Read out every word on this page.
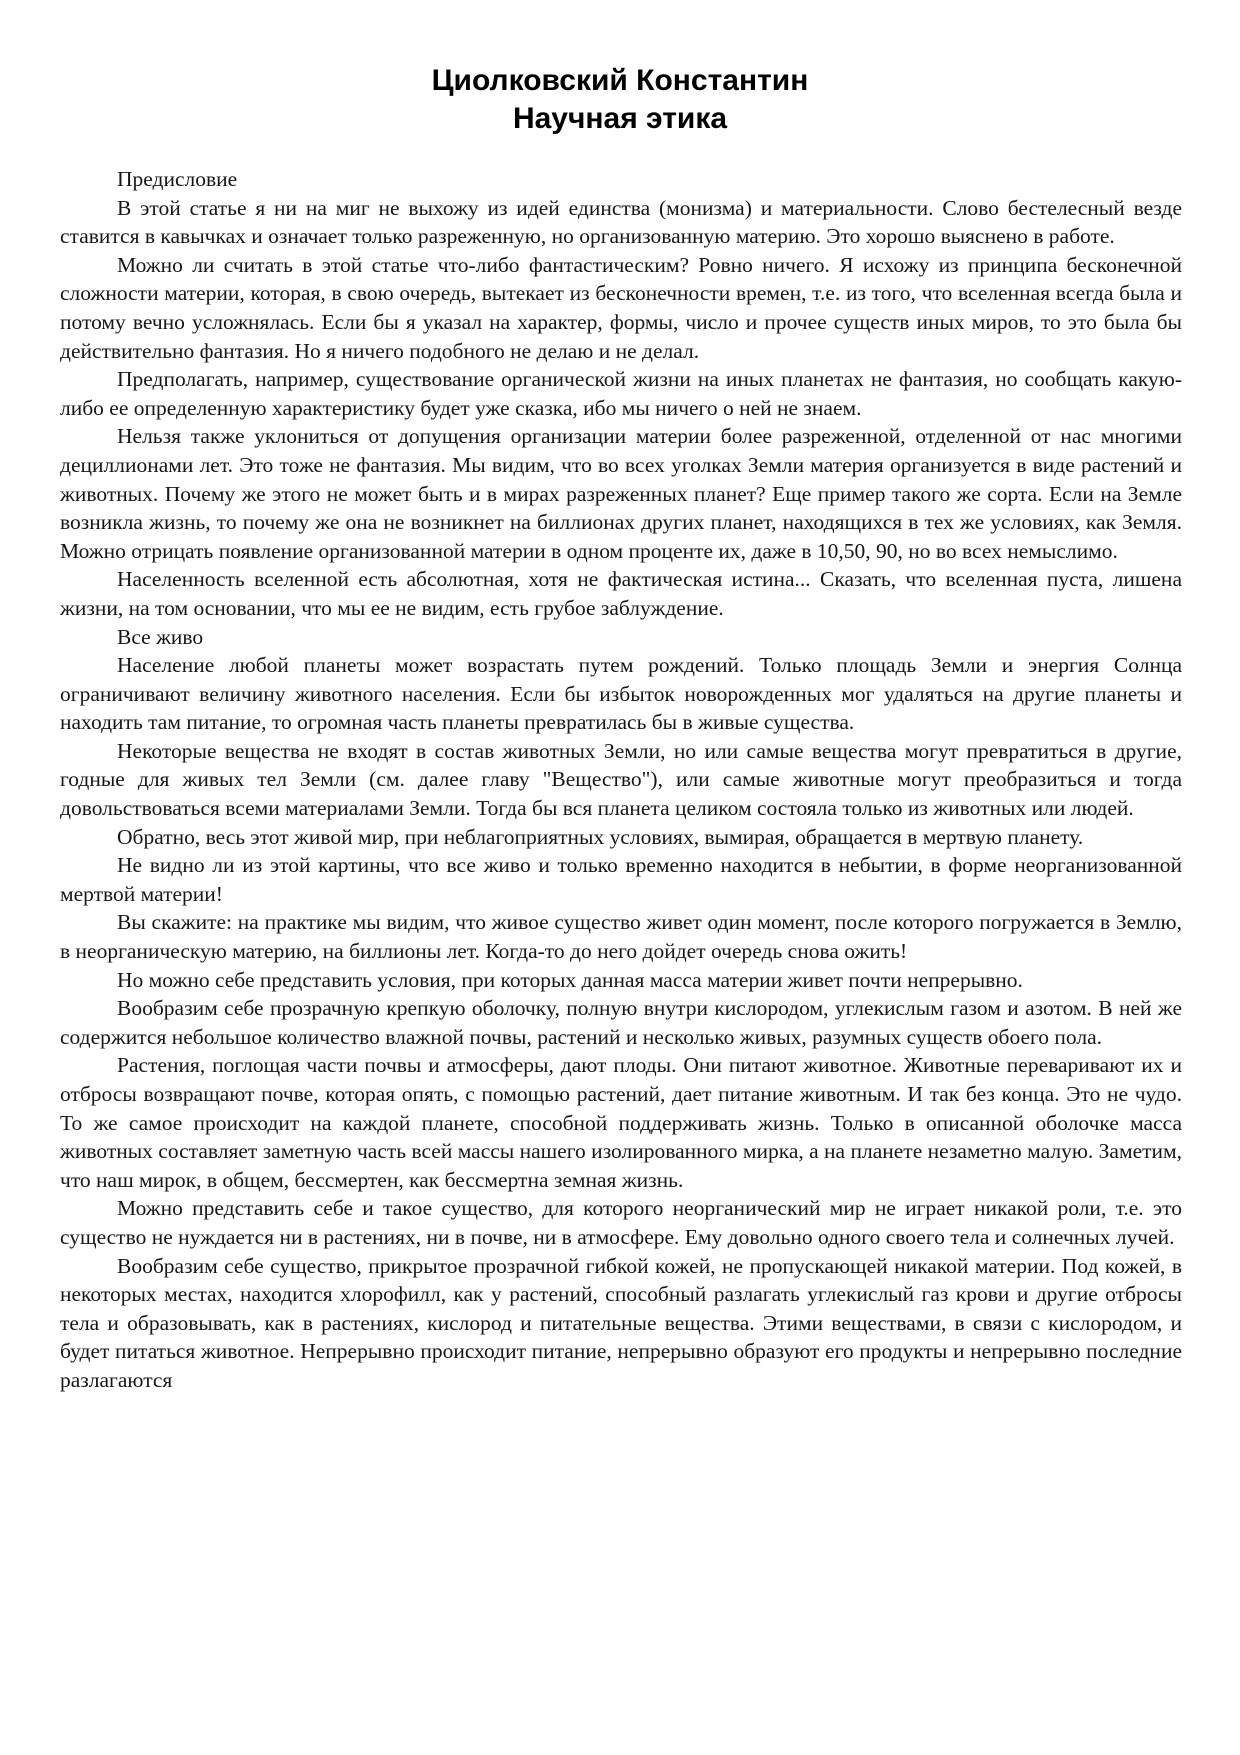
Циолковский Константин
Научная этика

Предисловие

В этой статье я ни на миг не выхожу из идей единства (монизма) и материальности. Слово бестелесный везде ставится в кавычках и означает только разреженную, но организованную материю. Это хорошо выяснено в работе.

Можно ли считать в этой статье что-либо фантастическим? Ровно ничего. Я исхожу из принципа бесконечной сложности материи, которая, в свою очередь, вытекает из бесконечности времен, т.е. из того, что вселенная всегда была и потому вечно усложнялась. Если бы я указал на характер, формы, число и прочее существ иных миров, то это была бы действительно фантазия. Но я ничего подобного не делаю и не делал.

Предполагать, например, существование органической жизни на иных планетах не фантазия, но сообщать какую-либо ее определенную характеристику будет уже сказка, ибо мы ничего о ней не знаем.

Нельзя также уклониться от допущения организации материи более разреженной, отделенной от нас многими дециллионами лет. Это тоже не фантазия. Мы видим, что во всех уголках Земли материя организуется в виде растений и животных. Почему же этого не может быть и в мирах разреженных планет? Еще пример такого же сорта. Если на Земле возникла жизнь, то почему же она не возникнет на биллионах других планет, находящихся в тех же условиях, как Земля. Можно отрицать появление организованной материи в одном проценте их, даже в 10,50, 90, но во всех немыслимо.

Населенность вселенной есть абсолютная, хотя не фактическая истина... Сказать, что вселенная пуста, лишена жизни, на том основании, что мы ее не видим, есть грубое заблуждение.

Все живо

Население любой планеты может возрастать путем рождений. Только площадь Земли и энергия Солнца ограничивают величину животного населения. Если бы избыток новорожденных мог удаляться на другие планеты и находить там питание, то огромная часть планеты превратилась бы в живые существа.

Некоторые вещества не входят в состав животных Земли, но или самые вещества могут превратиться в другие, годные для живых тел Земли (см. далее главу "Вещество"), или самые животные могут преобразиться и тогда довольствоваться всеми материалами Земли. Тогда бы вся планета целиком состояла только из животных или людей.

Обратно, весь этот живой мир, при неблагоприятных условиях, вымирая, обращается в мертвую планету.

Не видно ли из этой картины, что все живо и только временно находится в небытии, в форме неорганизованной мертвой материи!

Вы скажите: на практике мы видим, что живое существо живет один момент, после которого погружается в Землю, в неорганическую материю, на биллионы лет. Когда-то до него дойдет очередь снова ожить!

Но можно себе представить условия, при которых данная масса материи живет почти непрерывно.

Вообразим себе прозрачную крепкую оболочку, полную внутри кислородом, углекислым газом и азотом. В ней же содержится небольшое количество влажной почвы, растений и несколько живых, разумных существ обоего пола.

Растения, поглощая части почвы и атмосферы, дают плоды. Они питают животное. Животные переваривают их и отбросы возвращают почве, которая опять, с помощью растений, дает питание животным. И так без конца. Это не чудо. То же самое происходит на каждой планете, способной поддерживать жизнь. Только в описанной оболочке масса животных составляет заметную часть всей массы нашего изолированного мирка, а на планете незаметно малую. Заметим, что наш мирок, в общем, бессмертен, как бессмертна земная жизнь.

Можно представить себе и такое существо, для которого неорганический мир не играет никакой роли, т.е. это существо не нуждается ни в растениях, ни в почве, ни в атмосфере. Ему довольно одного своего тела и солнечных лучей.

Вообразим себе существо, прикрытое прозрачной гибкой кожей, не пропускающей никакой материи. Под кожей, в некоторых местах, находится хлорофилл, как у растений, способный разлагать углекислый газ крови и другие отбросы тела и образовывать, как в растениях, кислород и питательные вещества. Этими веществами, в связи с кислородом, и будет питаться животное. Непрерывно происходит питание, непрерывно образуют его продукты и непрерывно последние разлагаются
